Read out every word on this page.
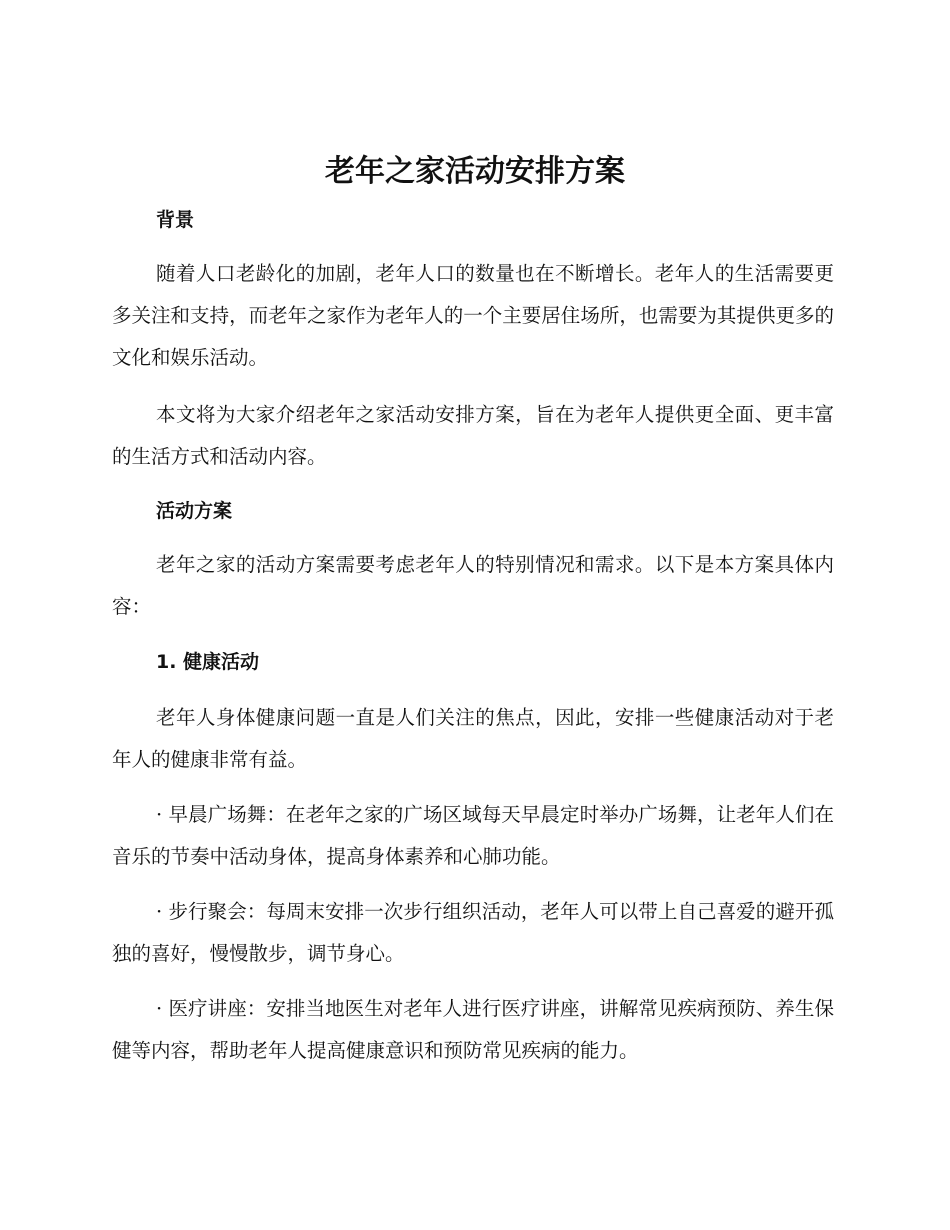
老年之家活动安排方案
背景

随着人口老龄化的加剧，老年人口的数量也在不断增长。老年人的生活需要更多关注和支持，而老年之家作为老年人的一个主要居住场所，也需要为其提供更多的文化和娱乐活动。

本文将为大家介绍老年之家活动安排方案，旨在为老年人提供更全面、更丰富的生活方式和活动内容。

活动方案

老年之家的活动方案需要考虑老年人的特别情况和需求。以下是本方案具体内容：

1. 健康活动

老年人身体健康问题一直是人们关注的焦点，因此，安排一些健康活动对于老年人的健康非常有益。

· 早晨广场舞：在老年之家的广场区域每天早晨定时举办广场舞，让老年人们在音乐的节奏中活动身体，提高身体素养和心肺功能。

· 步行聚会：每周末安排一次步行组织活动，老年人可以带上自己喜爱的避开孤独的喜好，慢慢散步，调节身心。

· 医疗讲座：安排当地医生对老年人进行医疗讲座，讲解常见疾病预防、养生保健等内容，帮助老年人提高健康意识和预防常见疾病的能力。
